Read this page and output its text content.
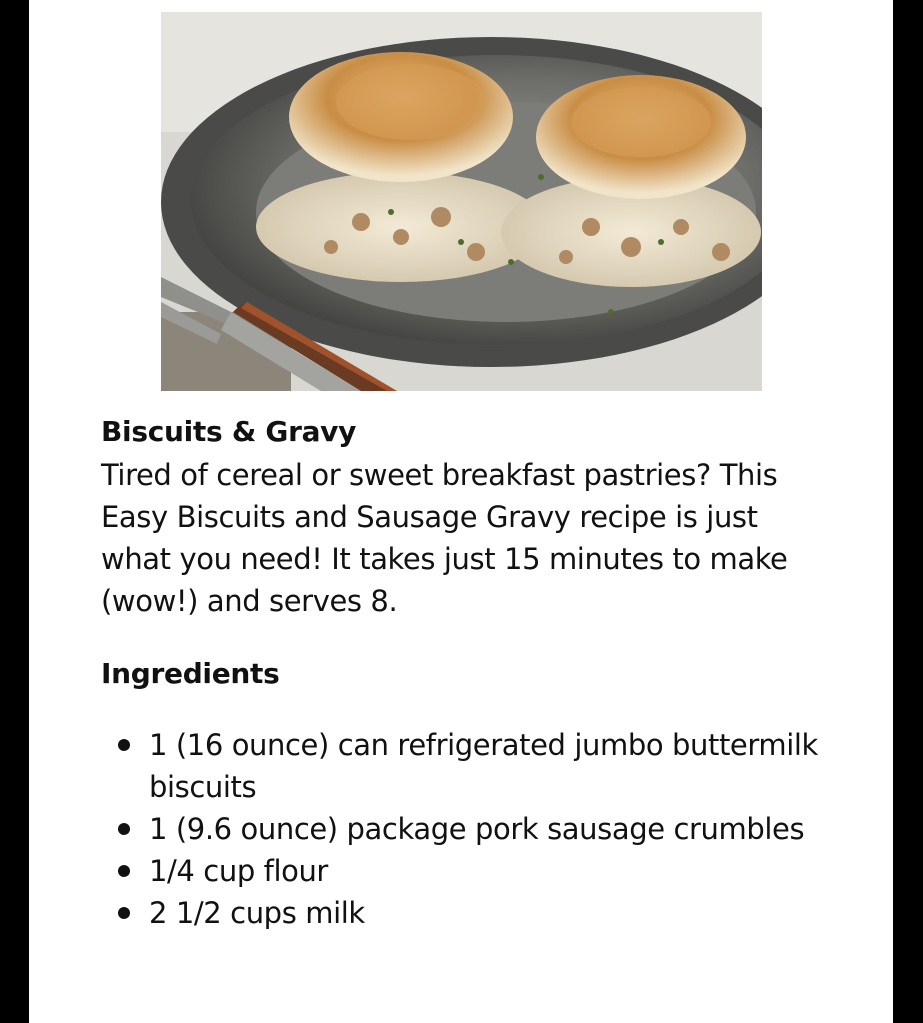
Biscuits & Gravy

Tired of cereal or sweet breakfast pastries? This Easy Biscuits and Sausage Gravy recipe is just what you need! It takes just 15 minutes to make (wow!) and serves 8.

Ingredients
1 (16 ounce) can refrigerated jumbo buttermilk biscuits
1 (9.6 ounce) package pork sausage crumbles
1/4 cup flour
2 1/2 cups milk
